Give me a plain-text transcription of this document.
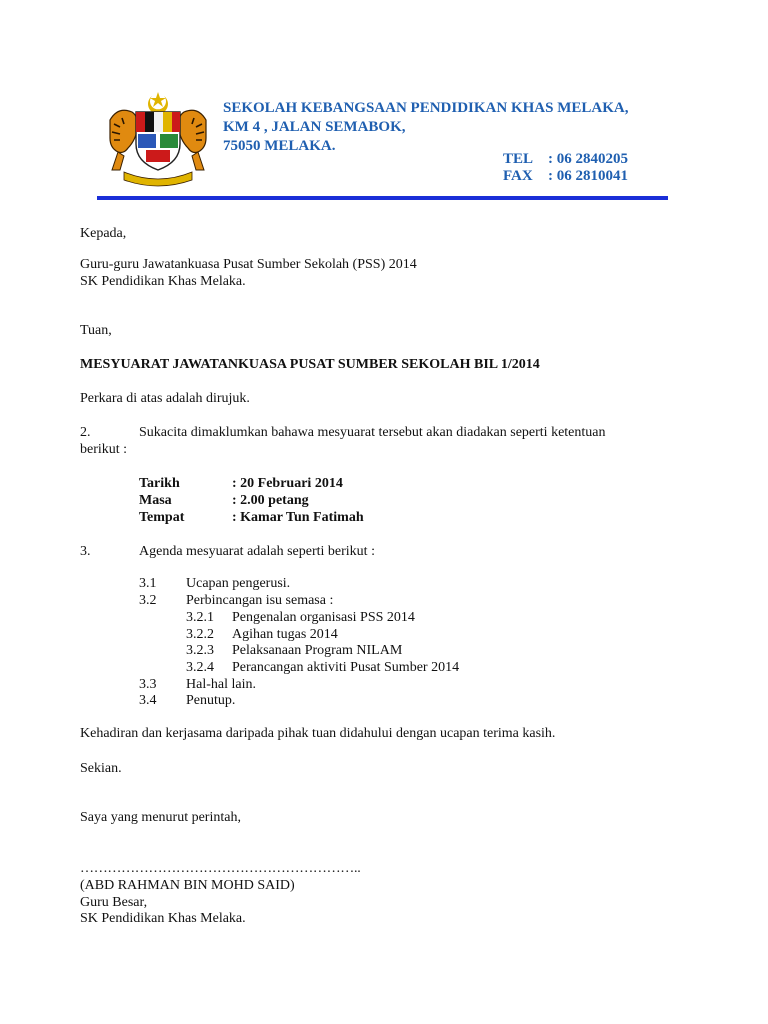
SEKOLAH KEBANGSAAN PENDIDIKAN KHAS MELAKA,
KM 4 , JALAN SEMABOK,
75050 MELAKA.
TEL : 06 2840205
FAX : 06 2810041
Kepada,
Guru-guru Jawatankuasa Pusat Sumber Sekolah (PSS) 2014
SK Pendidikan Khas Melaka.
Tuan,
MESYUARAT JAWATANKUASA PUSAT SUMBER SEKOLAH BIL 1/2014
Perkara di atas adalah dirujuk.
2.	Sukacita dimaklumkan bahawa mesyuarat tersebut akan diadakan seperti ketentuan
berikut :
Tarikh	: 20 Februari 2014
Masa	: 2.00 petang
Tempat	: Kamar Tun Fatimah
3.	Agenda mesyuarat adalah seperti berikut :
3.1 Ucapan pengerusi.
3.2 Perbincangan isu semasa :
3.2.1 Pengenalan organisasi PSS 2014
3.2.2 Agihan tugas 2014
3.2.3 Pelaksanaan Program NILAM
3.2.4 Perancangan aktiviti Pusat Sumber 2014
3.3 Hal-hal lain.
3.4 Penutup.
Kehadiran dan kerjasama daripada pihak tuan didahului dengan ucapan terima kasih.
Sekian.
Saya yang menurut perintah,
……………………………………………………..
(ABD RAHMAN BIN MOHD SAID)
Guru Besar,
SK Pendidikan Khas Melaka.
